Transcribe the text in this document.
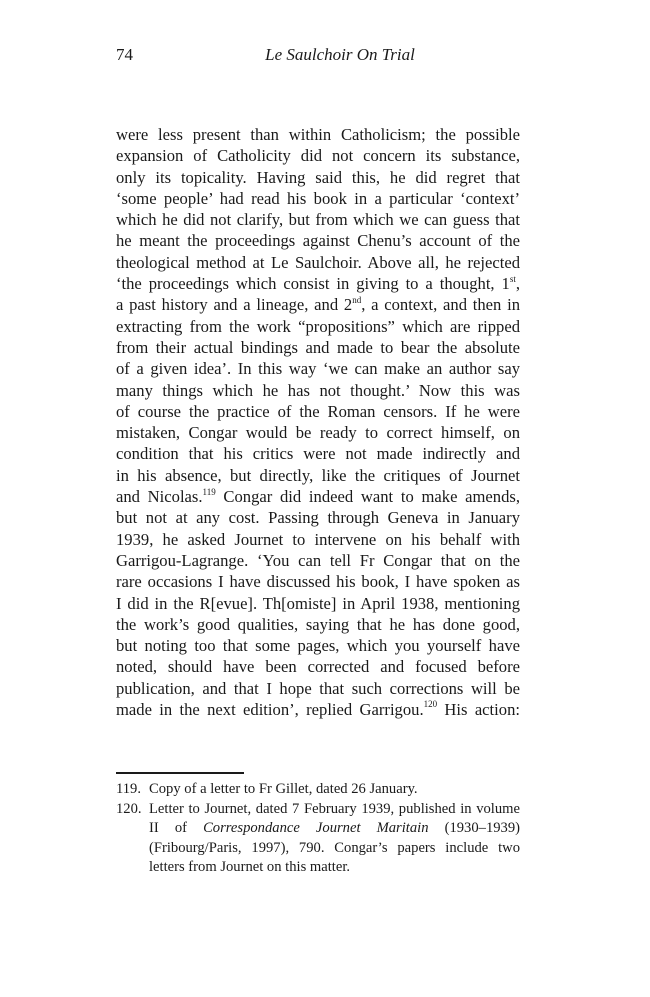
74	Le Saulchoir On Trial
were less present than within Catholicism; the possible
expansion of Catholicity did not concern its substance,
only its topicality. Having said this, he did regret that
‘some people’ had read his book in a particular ‘context’
which he did not clarify, but from which we can guess that
he meant the proceedings against Chenu’s account of the
theological method at Le Saulchoir. Above all, he rejected
‘the proceedings which consist in giving to a thought, 1st,
a past history and a lineage, and 2nd, a context, and then in
extracting from the work “propositions” which are ripped
from their actual bindings and made to bear the absolute
of a given idea’. In this way ‘we can make an author say
many things which he has not thought.’ Now this was
of course the practice of the Roman censors. If he were
mistaken, Congar would be ready to correct himself, on
condition that his critics were not made indirectly and
in his absence, but directly, like the critiques of Journet
and Nicolas.$^{119}$ Congar did indeed want to make amends,
but not at any cost. Passing through Geneva in January
1939, he asked Journet to intervene on his behalf with
Garrigou-Lagrange. ‘You can tell Fr Congar that on the
rare occasions I have discussed his book, I have spoken as
I did in the R[evue]. Th[omiste] in April 1938, mentioning
the work’s good qualities, saying that he has done good,
but noting too that some pages, which you yourself have
noted, should have been corrected and focused before
publication, and that I hope that such corrections will be
made in the next edition’, replied Garrigou.$^{120}$ His action:
119. Copy of a letter to Fr Gillet, dated 26 January.
120. Letter to Journet, dated 7 February 1939, published in volume II of Correspondance Journet Maritain (1930–1939) (Fribourg/Paris, 1997), 790. Congar’s papers include two letters from Journet on this matter.
